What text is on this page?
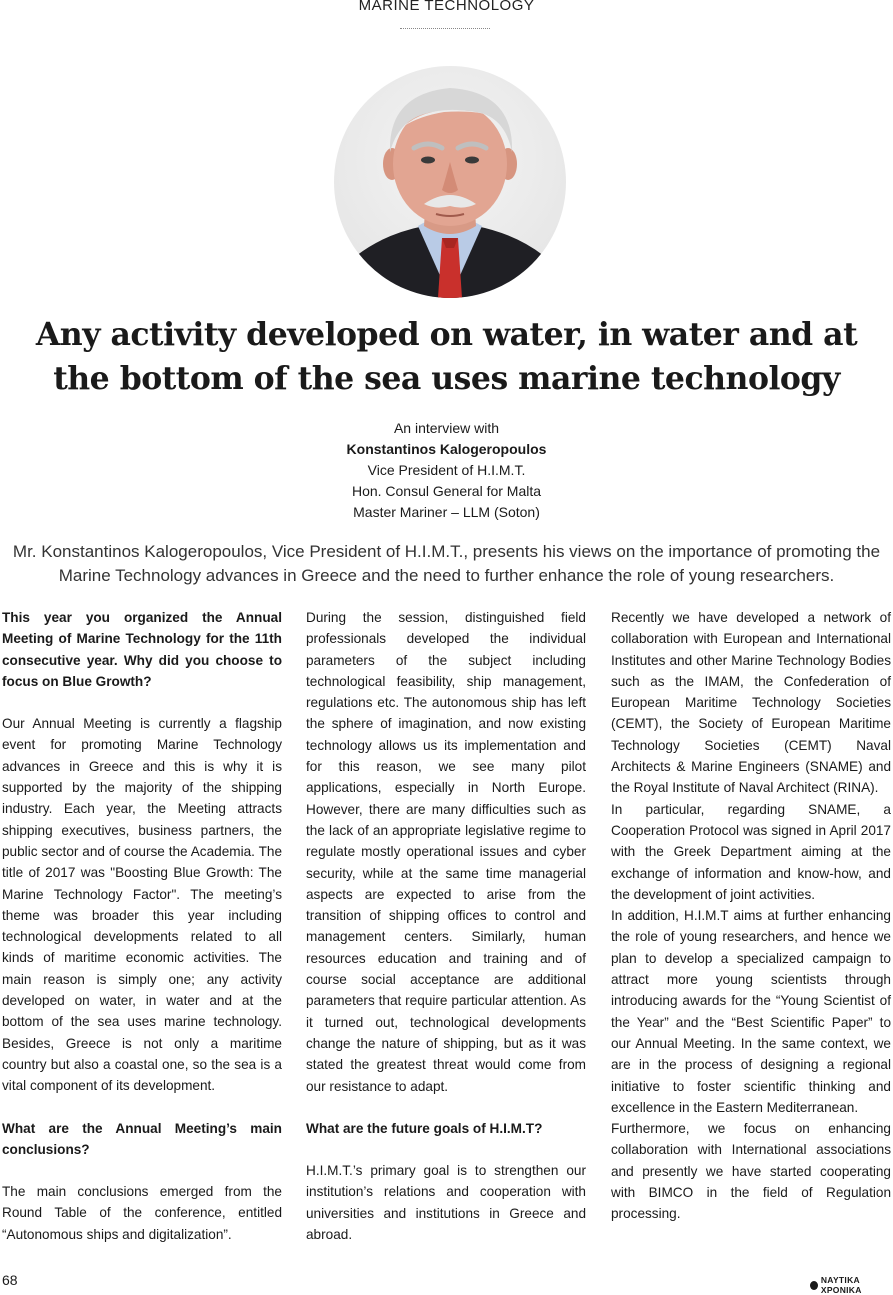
MARINE TECHNOLOGY
Any activity developed on water, in water and at the bottom of the sea uses marine technology
An interview with
Konstantinos Kalogeropoulos
Vice President of H.I.M.T.
Hon. Consul General for Malta
Master Mariner – LLM (Soton)
Mr. Konstantinos Kalogeropoulos, Vice President of H.I.M.T., presents his views on the importance of promoting the Marine Technology advances in Greece and the need to further enhance the role of young researchers.

This year you organized the Annual Meeting of Marine Technology for the 11th consecutive year. Why did you choose to focus on Blue Growth?

Our Annual Meeting is currently a flagship event for promoting Marine Technology advances in Greece and this is why it is supported by the majority of the shipping industry. Each year, the Meeting attracts shipping executives, business partners, the public sector and of course the Academia. The title of 2017 was "Boosting Blue Growth: The Marine Technology Factor". The meeting’s theme was broader this year including technological developments related to all kinds of maritime economic activities. The main reason is simply one; any activity developed on water, in water and at the bottom of the sea uses marine technology. Besides, Greece is not only a maritime country but also a coastal one, so the sea is a vital component of its development.

What are the Annual Meeting’s main conclusions?

The main conclusions emerged from the Round Table of the conference, entitled “Autonomous ships and digitalization”.

During the session, distinguished field professionals developed the individual parameters of the subject including technological feasibility, ship management, regulations etc. The autonomous ship has left the sphere of imagination, and now existing technology allows us its implementation and for this reason, we see many pilot applications, especially in North Europe. However, there are many difficulties such as the lack of an appropriate legislative regime to regulate mostly operational issues and cyber security, while at the same time managerial aspects are expected to arise from the transition of shipping offices to control and management centers. Similarly, human resources education and training and of course social acceptance are additional parameters that require particular attention. As it turned out, technological developments change the nature of shipping, but as it was stated the greatest threat would come from our resistance to adapt.

What are the future goals of H.I.M.T?

H.I.M.T.’s primary goal is to strengthen our institution’s relations and cooperation with universities and institutions in Greece and abroad.

Recently we have developed a network of collaboration with European and International Institutes and other Marine Technology Bodies such as the IMAM, the Confederation of European Maritime Technology Societies (CEMT), the Society of European Maritime Technology Societies (CEMT) Naval Architects & Marine Engineers (SNAME) and the Royal Institute of Naval Architect (RINA).

In particular, regarding SNAME, a Cooperation Protocol was signed in April 2017 with the Greek Department aiming at the exchange of information and know-how, and the development of joint activities.

In addition, H.I.M.T aims at further enhancing the role of young researchers, and hence we plan to develop a specialized campaign to attract more young scientists through introducing awards for the “Young Scientist of the Year” and the “Best Scientific Paper” to our Annual Meeting. In the same context, we are in the process of designing a regional initiative to foster scientific thinking and excellence in the Eastern Mediterranean.

Furthermore, we focus on enhancing collaboration with International associations and presently we have started cooperating with BIMCO in the field of Regulation processing.

68	ΝΑΥΤΙΚΑ ΧΡΟΝΙΚΑ
